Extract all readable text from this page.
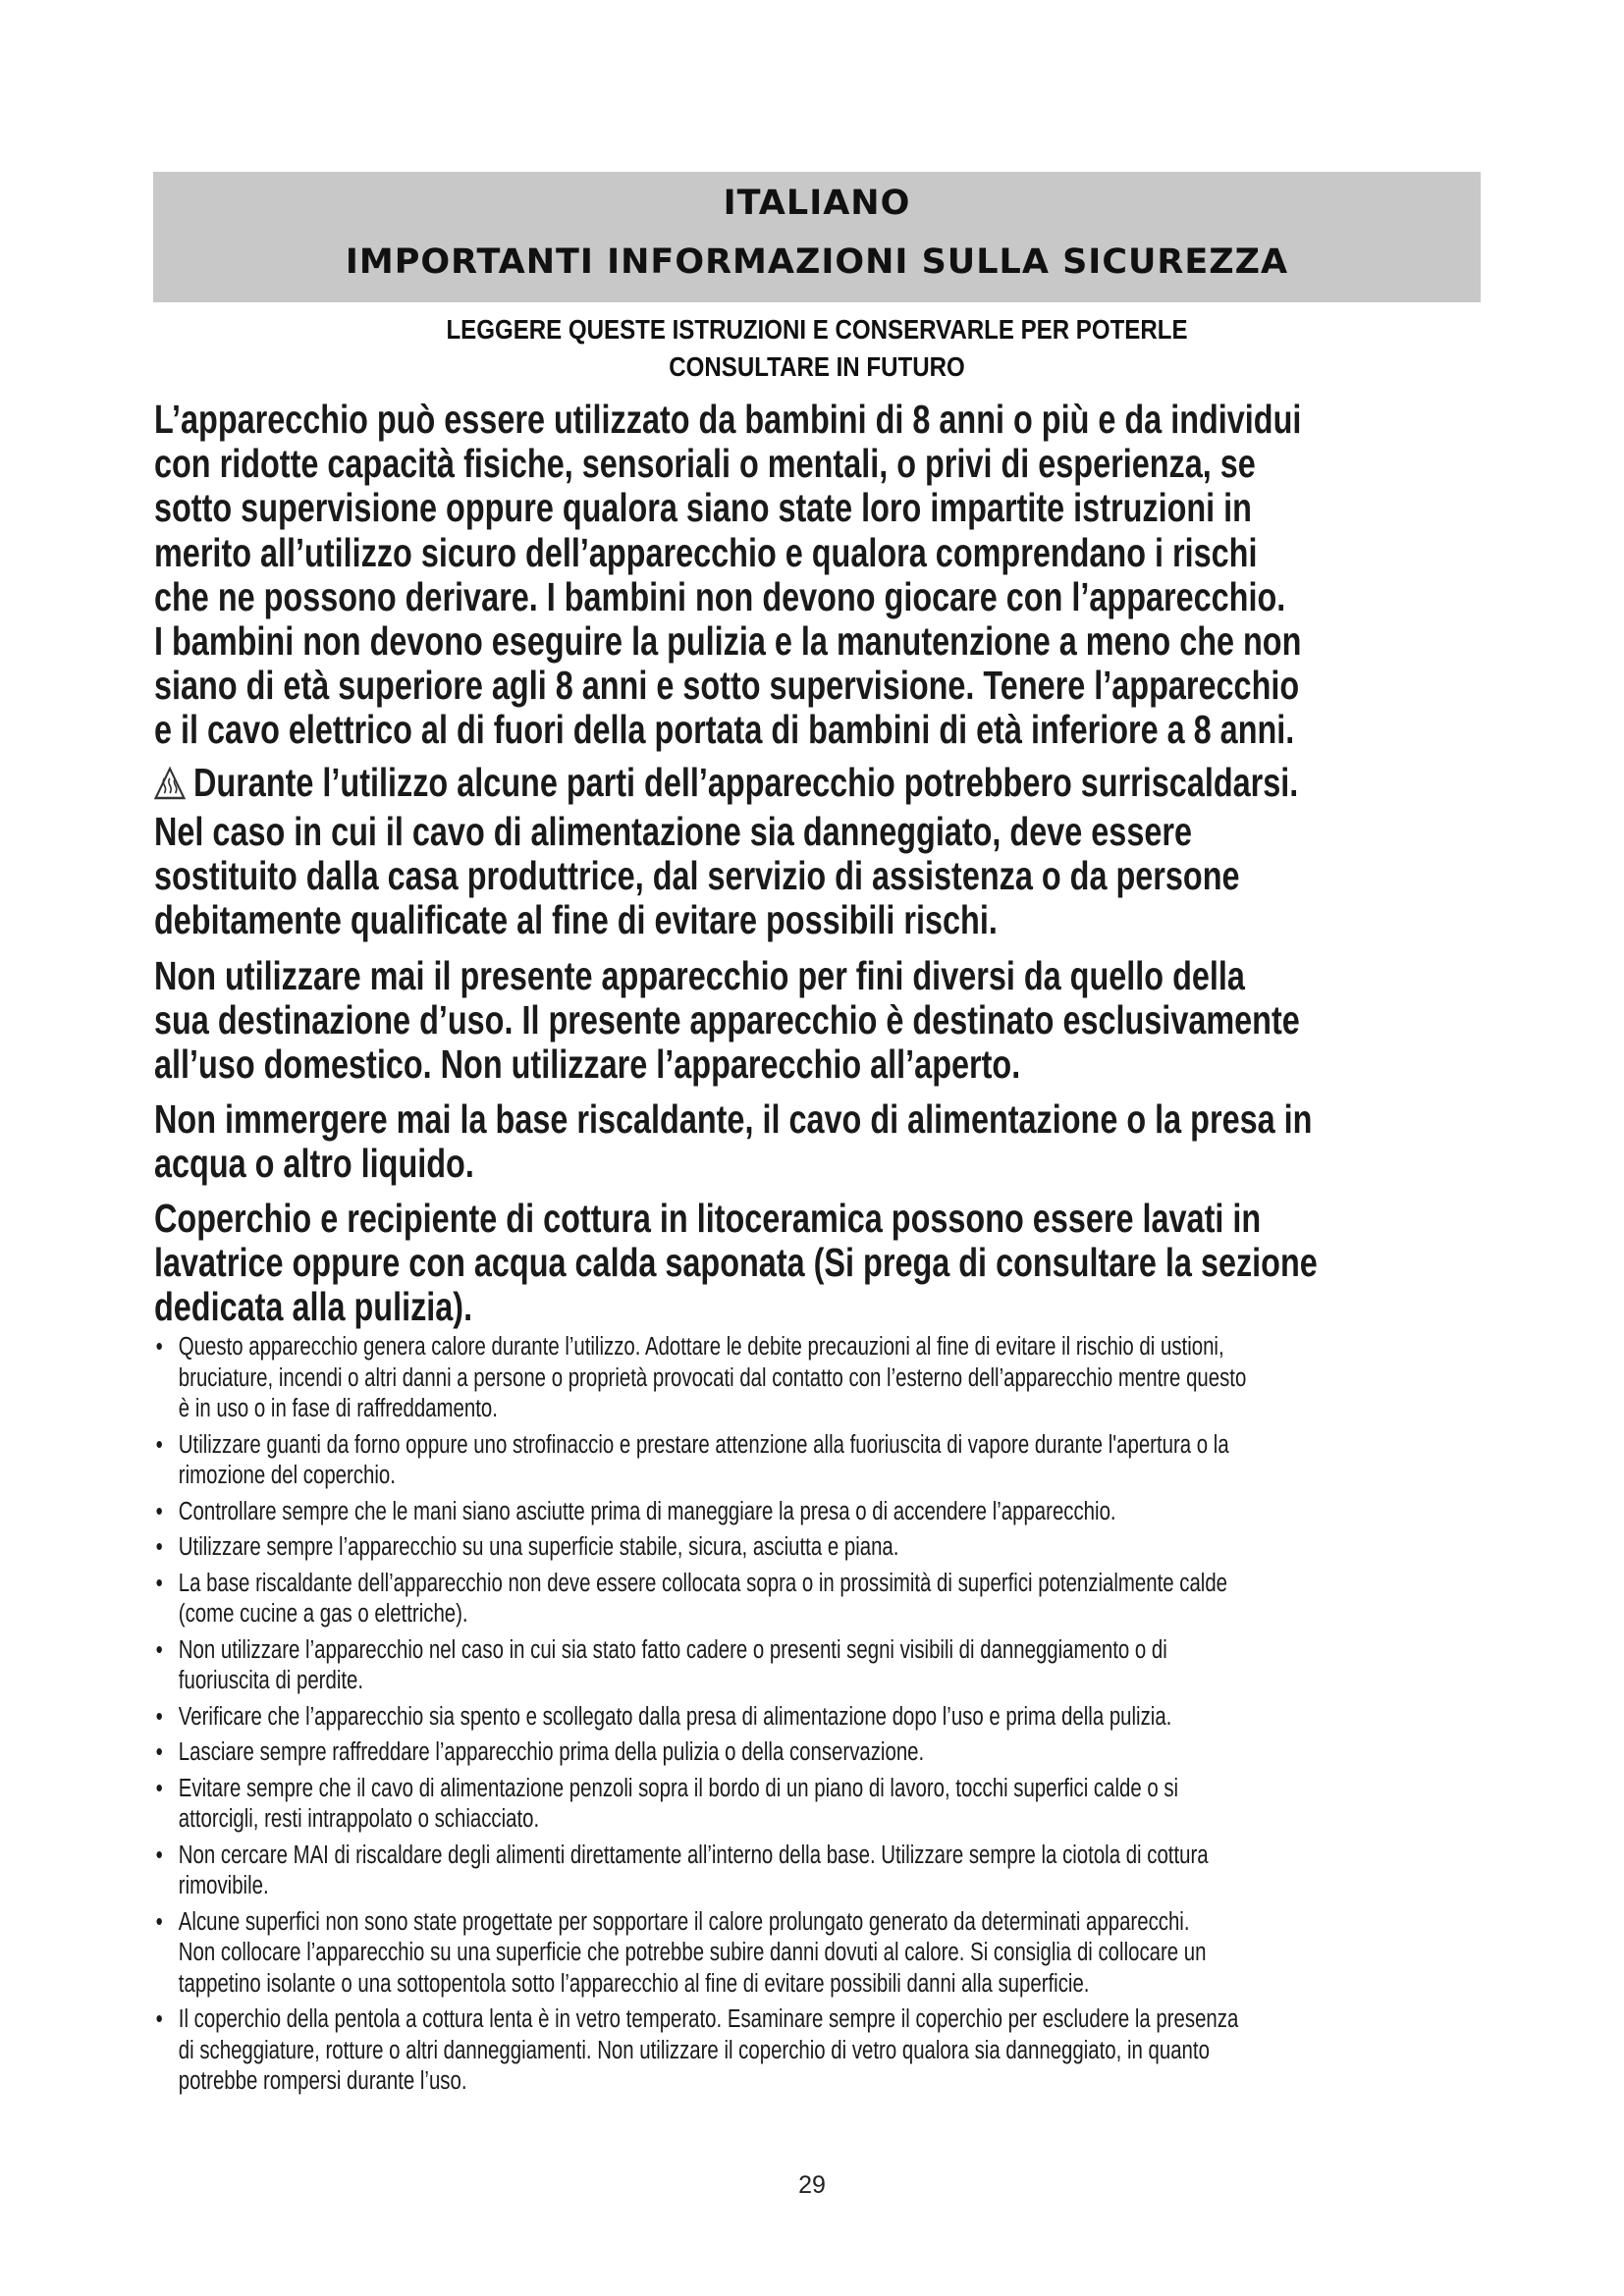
ITALIANO
IMPORTANTI INFORMAZIONI SULLA SICUREZZA
LEGGERE QUESTE ISTRUZIONI E CONSERVARLE PER POTERLE
CONSULTARE IN FUTURO
L’apparecchio può essere utilizzato da bambini di 8 anni o più e da individui
con ridotte capacità fisiche, sensoriali o mentali, o privi di esperienza, se
sotto supervisione oppure qualora siano state loro impartite istruzioni in
merito all’utilizzo sicuro dell’apparecchio e qualora comprendano i rischi
che ne possono derivare. I bambini non devono giocare con l’apparecchio.
I bambini non devono eseguire la pulizia e la manutenzione a meno che non
siano di età superiore agli 8 anni e sotto supervisione. Tenere l’apparecchio
e il cavo elettrico al di fuori della portata di bambini di età inferiore a 8 anni.
Durante l’utilizzo alcune parti dell’apparecchio potrebbero surriscaldarsi.
Nel caso in cui il cavo di alimentazione sia danneggiato, deve essere
sostituito dalla casa produttrice, dal servizio di assistenza o da persone
debitamente qualificate al fine di evitare possibili rischi.
Non utilizzare mai il presente apparecchio per fini diversi da quello della
sua destinazione d’uso. Il presente apparecchio è destinato esclusivamente
all’uso domestico. Non utilizzare l’apparecchio all’aperto.
Non immergere mai la base riscaldante, il cavo di alimentazione o la presa in
acqua o altro liquido.
Coperchio e recipiente di cottura in litoceramica possono essere lavati in
lavatrice oppure con acqua calda saponata (Si prega di consultare la sezione
dedicata alla pulizia).
• Questo apparecchio genera calore durante l’utilizzo. Adottare le debite precauzioni al fine di evitare il rischio di ustioni,
bruciature, incendi o altri danni a persone o proprietà provocati dal contatto con l’esterno dell’apparecchio mentre questo
è in uso o in fase di raffreddamento.
• Utilizzare guanti da forno oppure uno strofinaccio e prestare attenzione alla fuoriuscita di vapore durante l'apertura o la
rimozione del coperchio.
• Controllare sempre che le mani siano asciutte prima di maneggiare la presa o di accendere l’apparecchio.
• Utilizzare sempre l’apparecchio su una superficie stabile, sicura, asciutta e piana.
• La base riscaldante dell’apparecchio non deve essere collocata sopra o in prossimità di superfici potenzialmente calde
(come cucine a gas o elettriche).
• Non utilizzare l’apparecchio nel caso in cui sia stato fatto cadere o presenti segni visibili di danneggiamento o di
fuoriuscita di perdite.
• Verificare che l’apparecchio sia spento e scollegato dalla presa di alimentazione dopo l’uso e prima della pulizia.
• Lasciare sempre raffreddare l’apparecchio prima della pulizia o della conservazione.
• Evitare sempre che il cavo di alimentazione penzoli sopra il bordo di un piano di lavoro, tocchi superfici calde o si
attorcigli, resti intrappolato o schiacciato.
• Non cercare MAI di riscaldare degli alimenti direttamente all’interno della base. Utilizzare sempre la ciotola di cottura
rimovibile.
• Alcune superfici non sono state progettate per sopportare il calore prolungato generato da determinati apparecchi.
Non collocare l’apparecchio su una superficie che potrebbe subire danni dovuti al calore. Si consiglia di collocare un
tappetino isolante o una sottopentola sotto l’apparecchio al fine di evitare possibili danni alla superficie.
• Il coperchio della pentola a cottura lenta è in vetro temperato. Esaminare sempre il coperchio per escludere la presenza
di scheggiature, rotture o altri danneggiamenti. Non utilizzare il coperchio di vetro qualora sia danneggiato, in quanto
potrebbe rompersi durante l’uso.
29
